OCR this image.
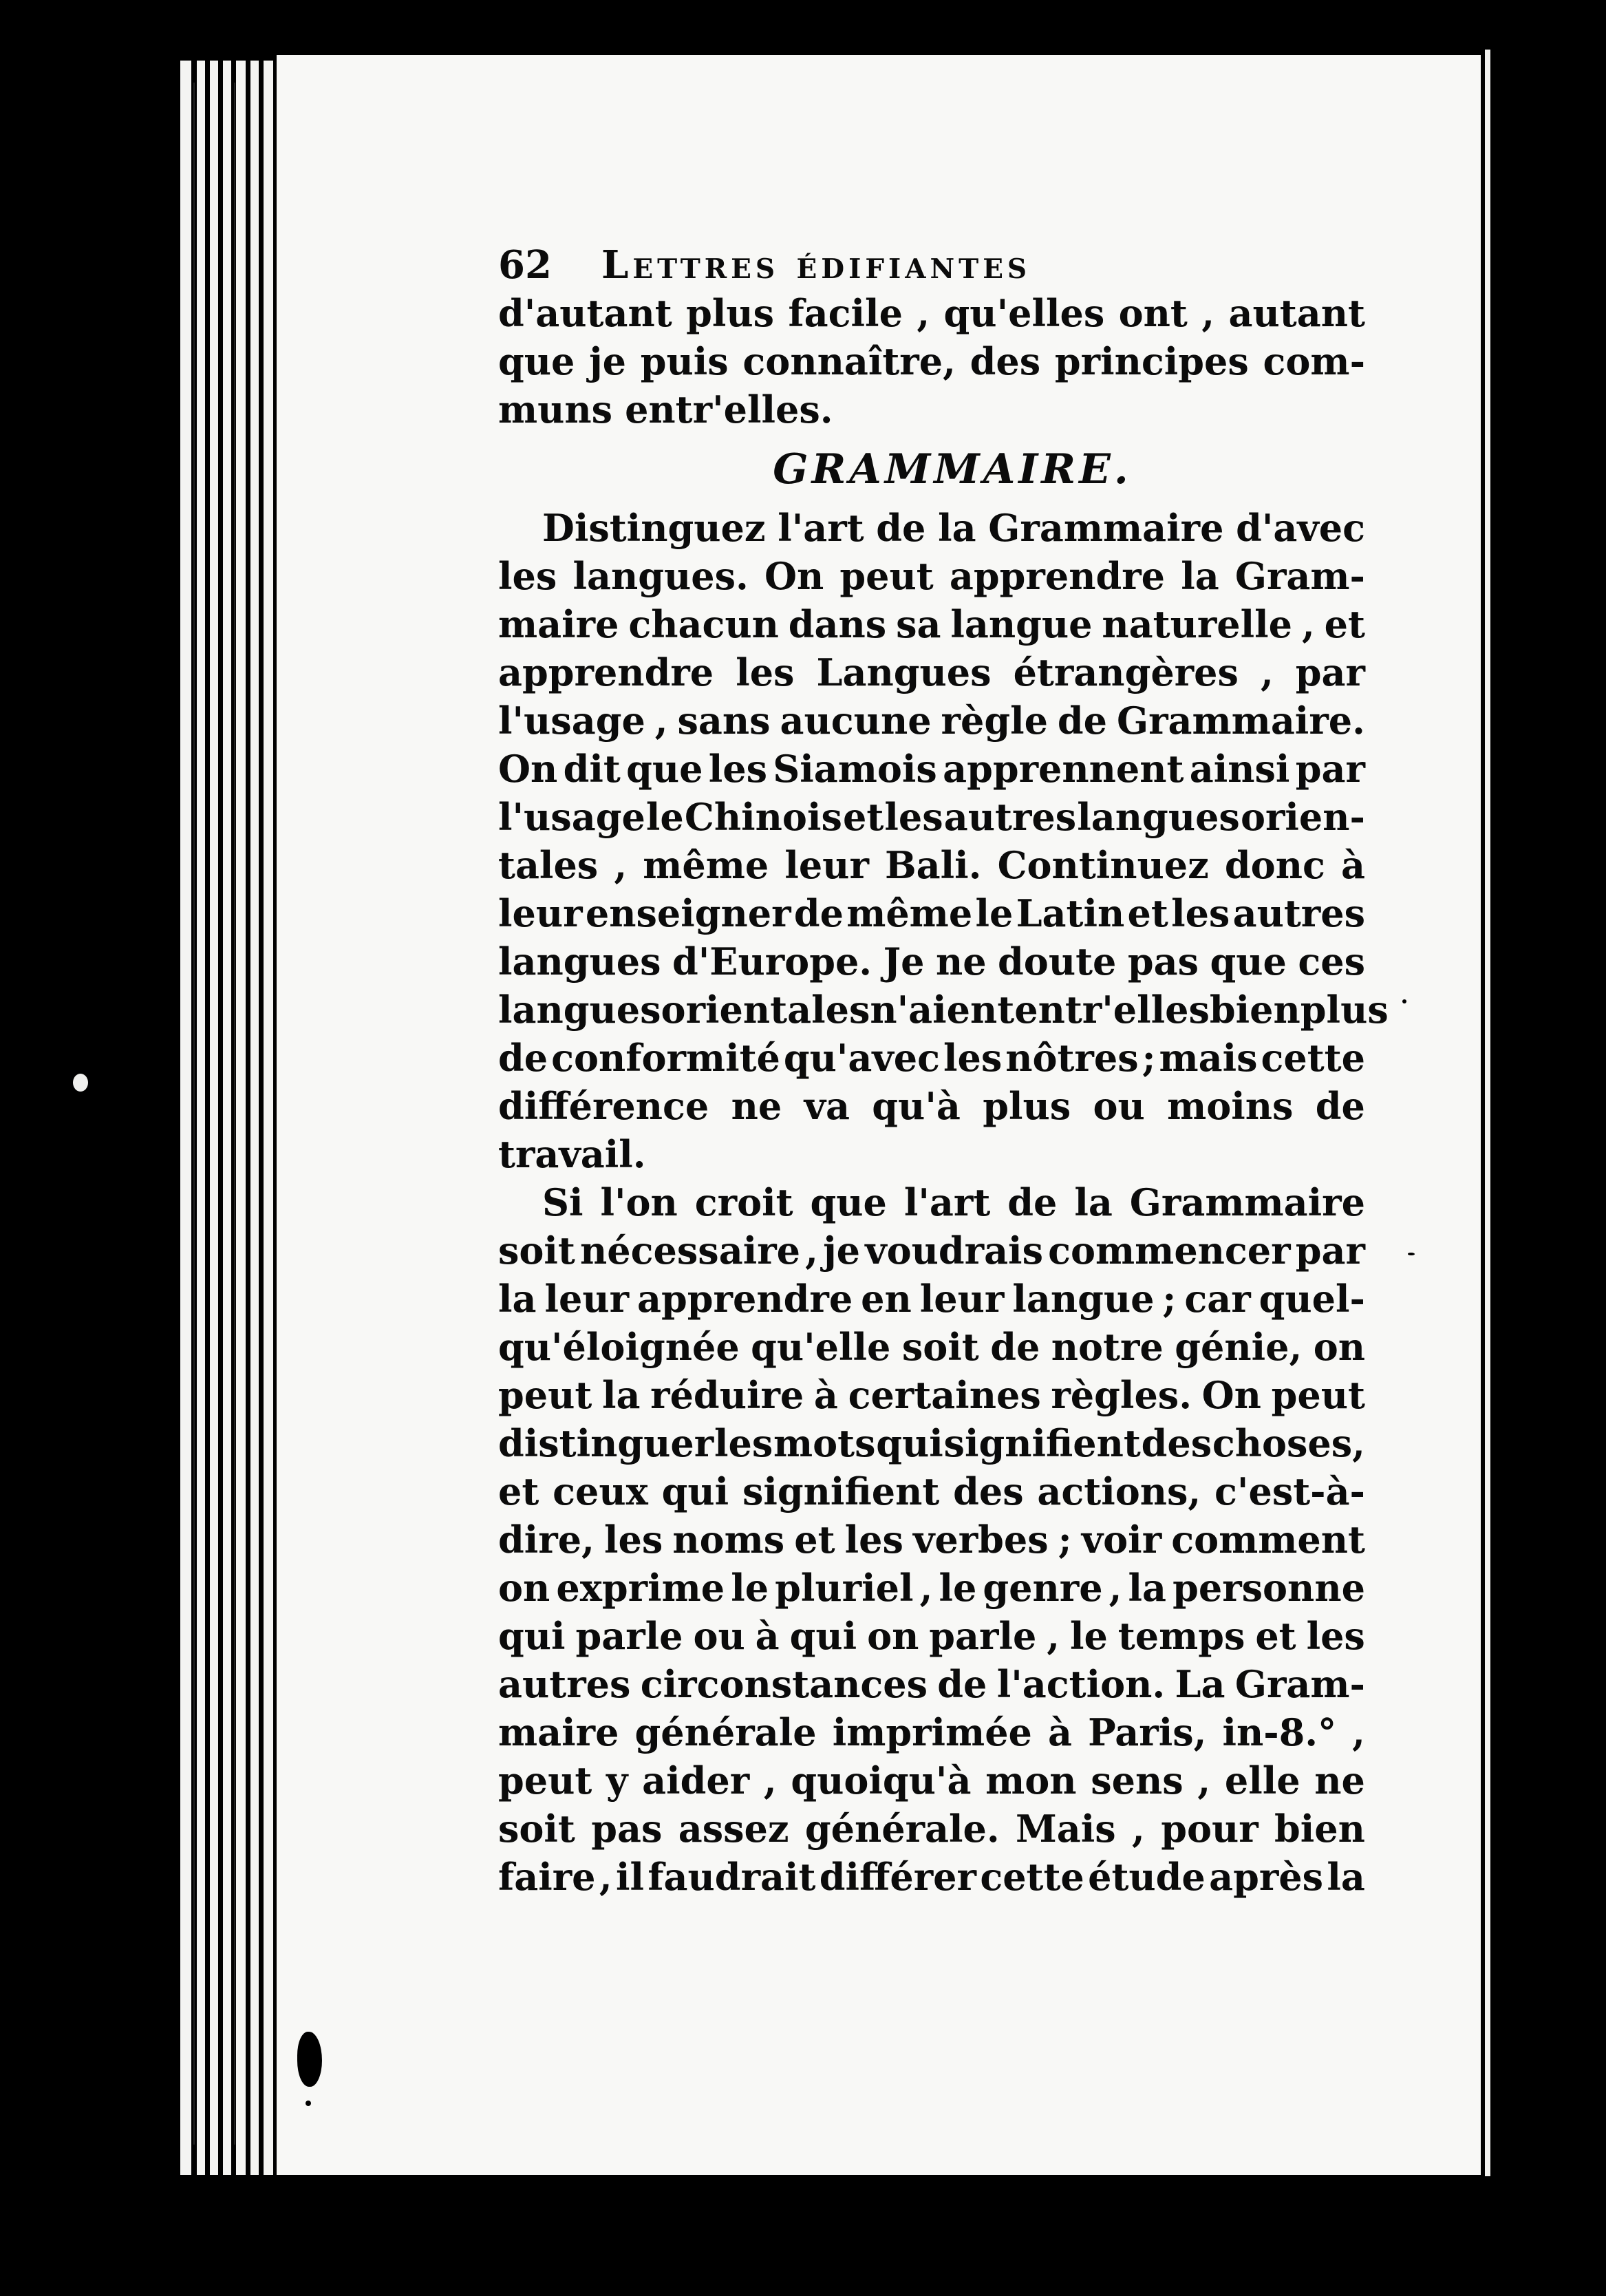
62	Lettres édifiantes
d'autant plus facile , qu'elles ont , autant
que je puis connaître, des principes com-
muns entr'elles.
GRAMMAIRE.
Distinguez l'art de la Grammaire d'avec
les langues. On peut apprendre la Gram-
maire chacun dans sa langue naturelle , et
apprendre les Langues étrangères , par
l'usage , sans aucune règle de Grammaire.
On dit que les Siamois apprennent ainsi par
l'usage le Chinois et les autres langues orien-
tales , même leur Bali. Continuez donc à
leur enseigner de même le Latin et les autres
langues d'Europe. Je ne doute pas que ces
langues orientales n'aient entr'elles bien plus
de conformité qu'avec les nôtres ; mais cette
différence ne va qu'à plus ou moins de
travail.
Si l'on croit que l'art de la Grammaire
soit nécessaire , je voudrais commencer par
la leur apprendre en leur langue ; car quel-
qu'éloignée qu'elle soit de notre génie, on
peut la réduire à certaines règles. On peut
distinguer les mots qui signifient des choses,
et ceux qui signifient des actions, c'est-à-
dire, les noms et les verbes ; voir comment
on exprime le pluriel , le genre , la personne
qui parle ou à qui on parle , le temps et les
autres circonstances de l'action. La Gram-
maire générale imprimée à Paris, in-8.° ,
peut y aider , quoiqu'à mon sens , elle ne
soit pas assez générale. Mais , pour bien
faire , il faudrait différer cette étude après la
